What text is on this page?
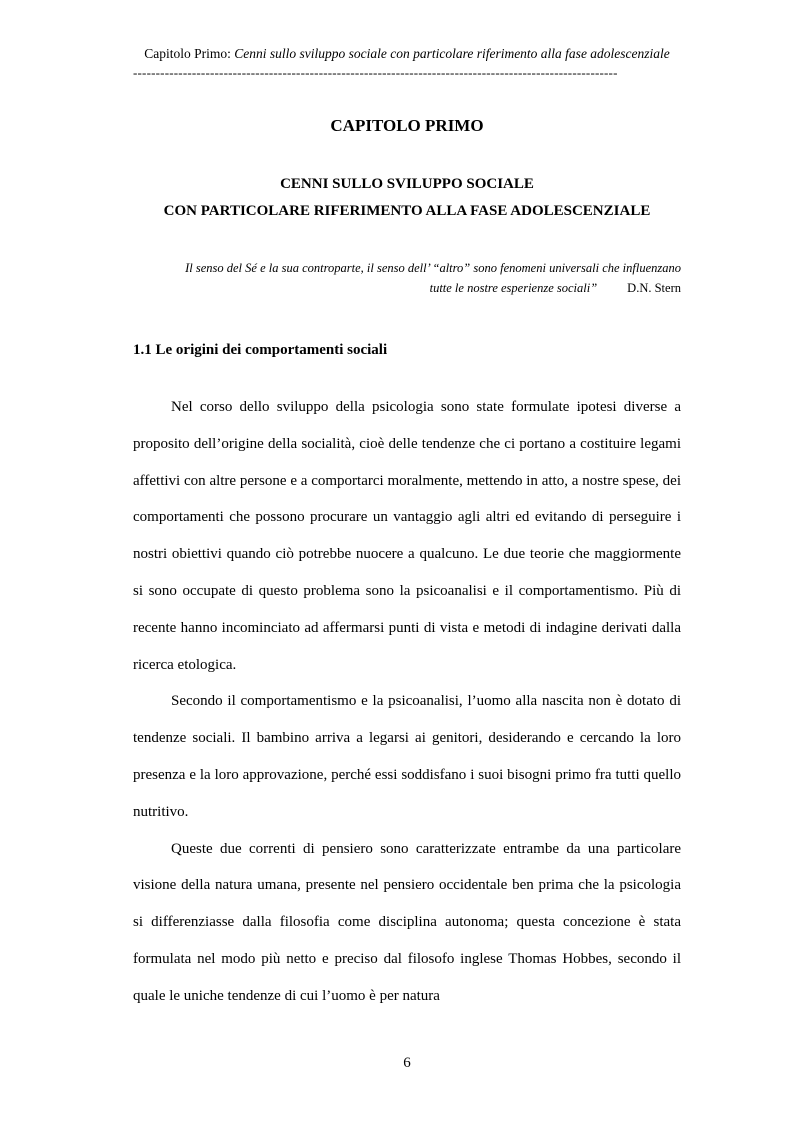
Capitolo Primo: Cenni sullo sviluppo sociale con particolare riferimento alla fase adolescenziale
-----------------------------------------------------------------------------------------------------------
CAPITOLO PRIMO
CENNI SULLO SVILUPPO SOCIALE
CON PARTICOLARE RIFERIMENTO ALLA FASE ADOLESCENZIALE
Il senso del Sé e la sua controparte, il senso dell’ “altro” sono fenomeni universali che influenzano
tutte le nostre esperienze sociali” D.N. Stern
1.1 Le origini dei comportamenti sociali

Nel corso dello sviluppo della psicologia sono state formulate ipotesi diverse a proposito dell’origine della socialità, cioè delle tendenze che ci portano a costituire legami affettivi con altre persone e a comportarci moralmente, mettendo in atto, a nostre spese, dei comportamenti che possono procurare un vantaggio agli altri ed evitando di perseguire i nostri obiettivi quando ciò potrebbe nuocere a qualcuno. Le due teorie che maggiormente si sono occupate di questo problema sono la psicoanalisi e il comportamentismo. Più di recente hanno incominciato ad affermarsi punti di vista e metodi di indagine derivati dalla ricerca etologica.

Secondo il comportamentismo e la psicoanalisi, l’uomo alla nascita non è dotato di tendenze sociali. Il bambino arriva a legarsi ai genitori, desiderando e cercando la loro presenza e la loro approvazione, perché essi soddisfano i suoi bisogni primo fra tutti quello nutritivo.

Queste due correnti di pensiero sono caratterizzate entrambe da una particolare visione della natura umana, presente nel pensiero occidentale ben prima che la psicologia si differenziasse dalla filosofia come disciplina autonoma; questa concezione è stata formulata nel modo più netto e preciso dal filosofo inglese Thomas Hobbes, secondo il quale le uniche tendenze di cui l’uomo è per natura

6
